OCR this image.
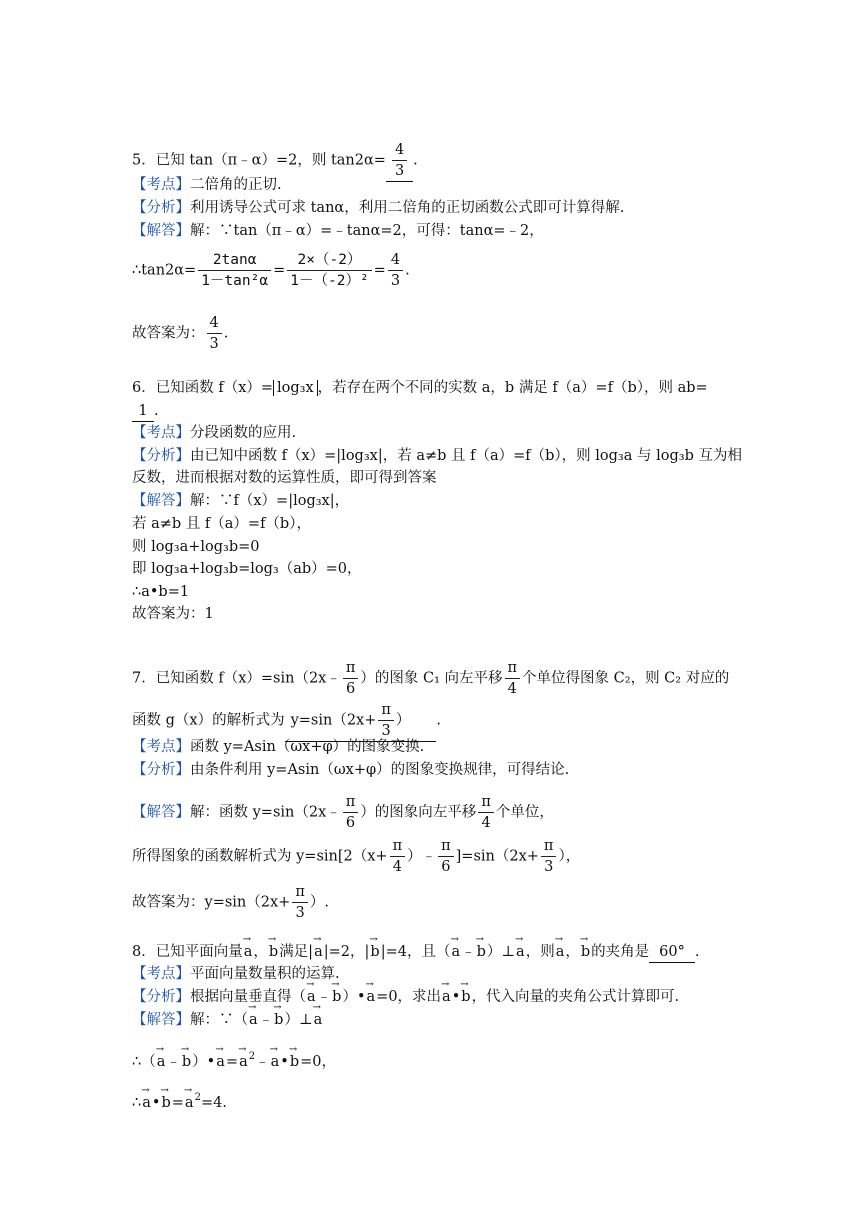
5．已知 tan（π﹣α）=2，则 $\tan 2\alpha= \frac{4}{3}$ .
【考点】二倍角的正切.
【分析】利用诱导公式可求 tanα，利用二倍角的正切函数公式即可计算得解.
【解答】解：∵tan（π﹣α）=﹣tanα=2，可得：tanα=﹣2，
∴tan2α= $\frac{2\tan\alpha}{\text{1－tan²α}} = \frac{2\times(-2)}{\text{1－（-2）²}} = \frac{4}{3}$ .
故答案为： $\frac{4}{3}$ .
6．已知函数 f（x）= log₃x ，若存在两个不同的实数 a，b 满足 f（a）=f（b），则 ab=
1 .
【考点】分段函数的应用.
【分析】由已知中函数 f（x）=|log₃x|，若 a≠b 且 f（a）=f（b），则 log₃a 与 log₃b 互为相
反数，进而根据对数的运算性质，即可得到答案
【解答】解：∵f（x）=|log₃x|，
若 a≠b 且 f（a）=f（b），
则 log₃a+log₃b=0
即 log₃a+log₃b=log₃（ab）=0，
∴a•b=1
故答案为：1
7．已知函数 f（x）=sin（2x﹣ $\frac{\pi}{6}$ ）的图象 C₁ 向左平移 $\frac{\pi}{4}$ 个单位得图象 C₂，则 C₂ 对应的
函数 g（x）的解析式为 $y=\sin(2x+ \frac{\pi}{3}$ ） .
【考点】函数 y=Asin（ωx+φ）的图象变换.
【分析】由条件利用 y=Asin（ωx+φ）的图象变换规律，可得结论.
【解答】解：函数 y=sin（2x﹣ $\frac{\pi}{6}$ ）的图象向左平移 $\frac{\pi}{4}$ 个单位，
所得图象的函数解析式为 $y=\sin[2(x+ \frac{\pi}{4}$ ）﹣ $\frac{\pi}{6} ]=\sin(2x+ \frac{\pi}{3}$ ），
故答案为：$y=\sin(2x+ \frac{\pi}{3}$ ）.
8．已知平面向量→ a，→ b满足|→ a|=2，|→ b|=4，且（→ a﹣→ b）⊥→ a，则→ a，→ b的夹角是 60° .
【考点】平面向量数量积的运算.
【分析】根据向量垂直得（→ a﹣→ b）•→ a=0，求出→ a•→ b，代入向量的夹角公式计算即可.
【解答】解：∵（→ a﹣→ b）⊥→ a
∴（→ a﹣→ b）•→ $a=\to a^2﹣\to$ a•→ b=0，
∴→ a•→ $b=\to a^2=4$.
